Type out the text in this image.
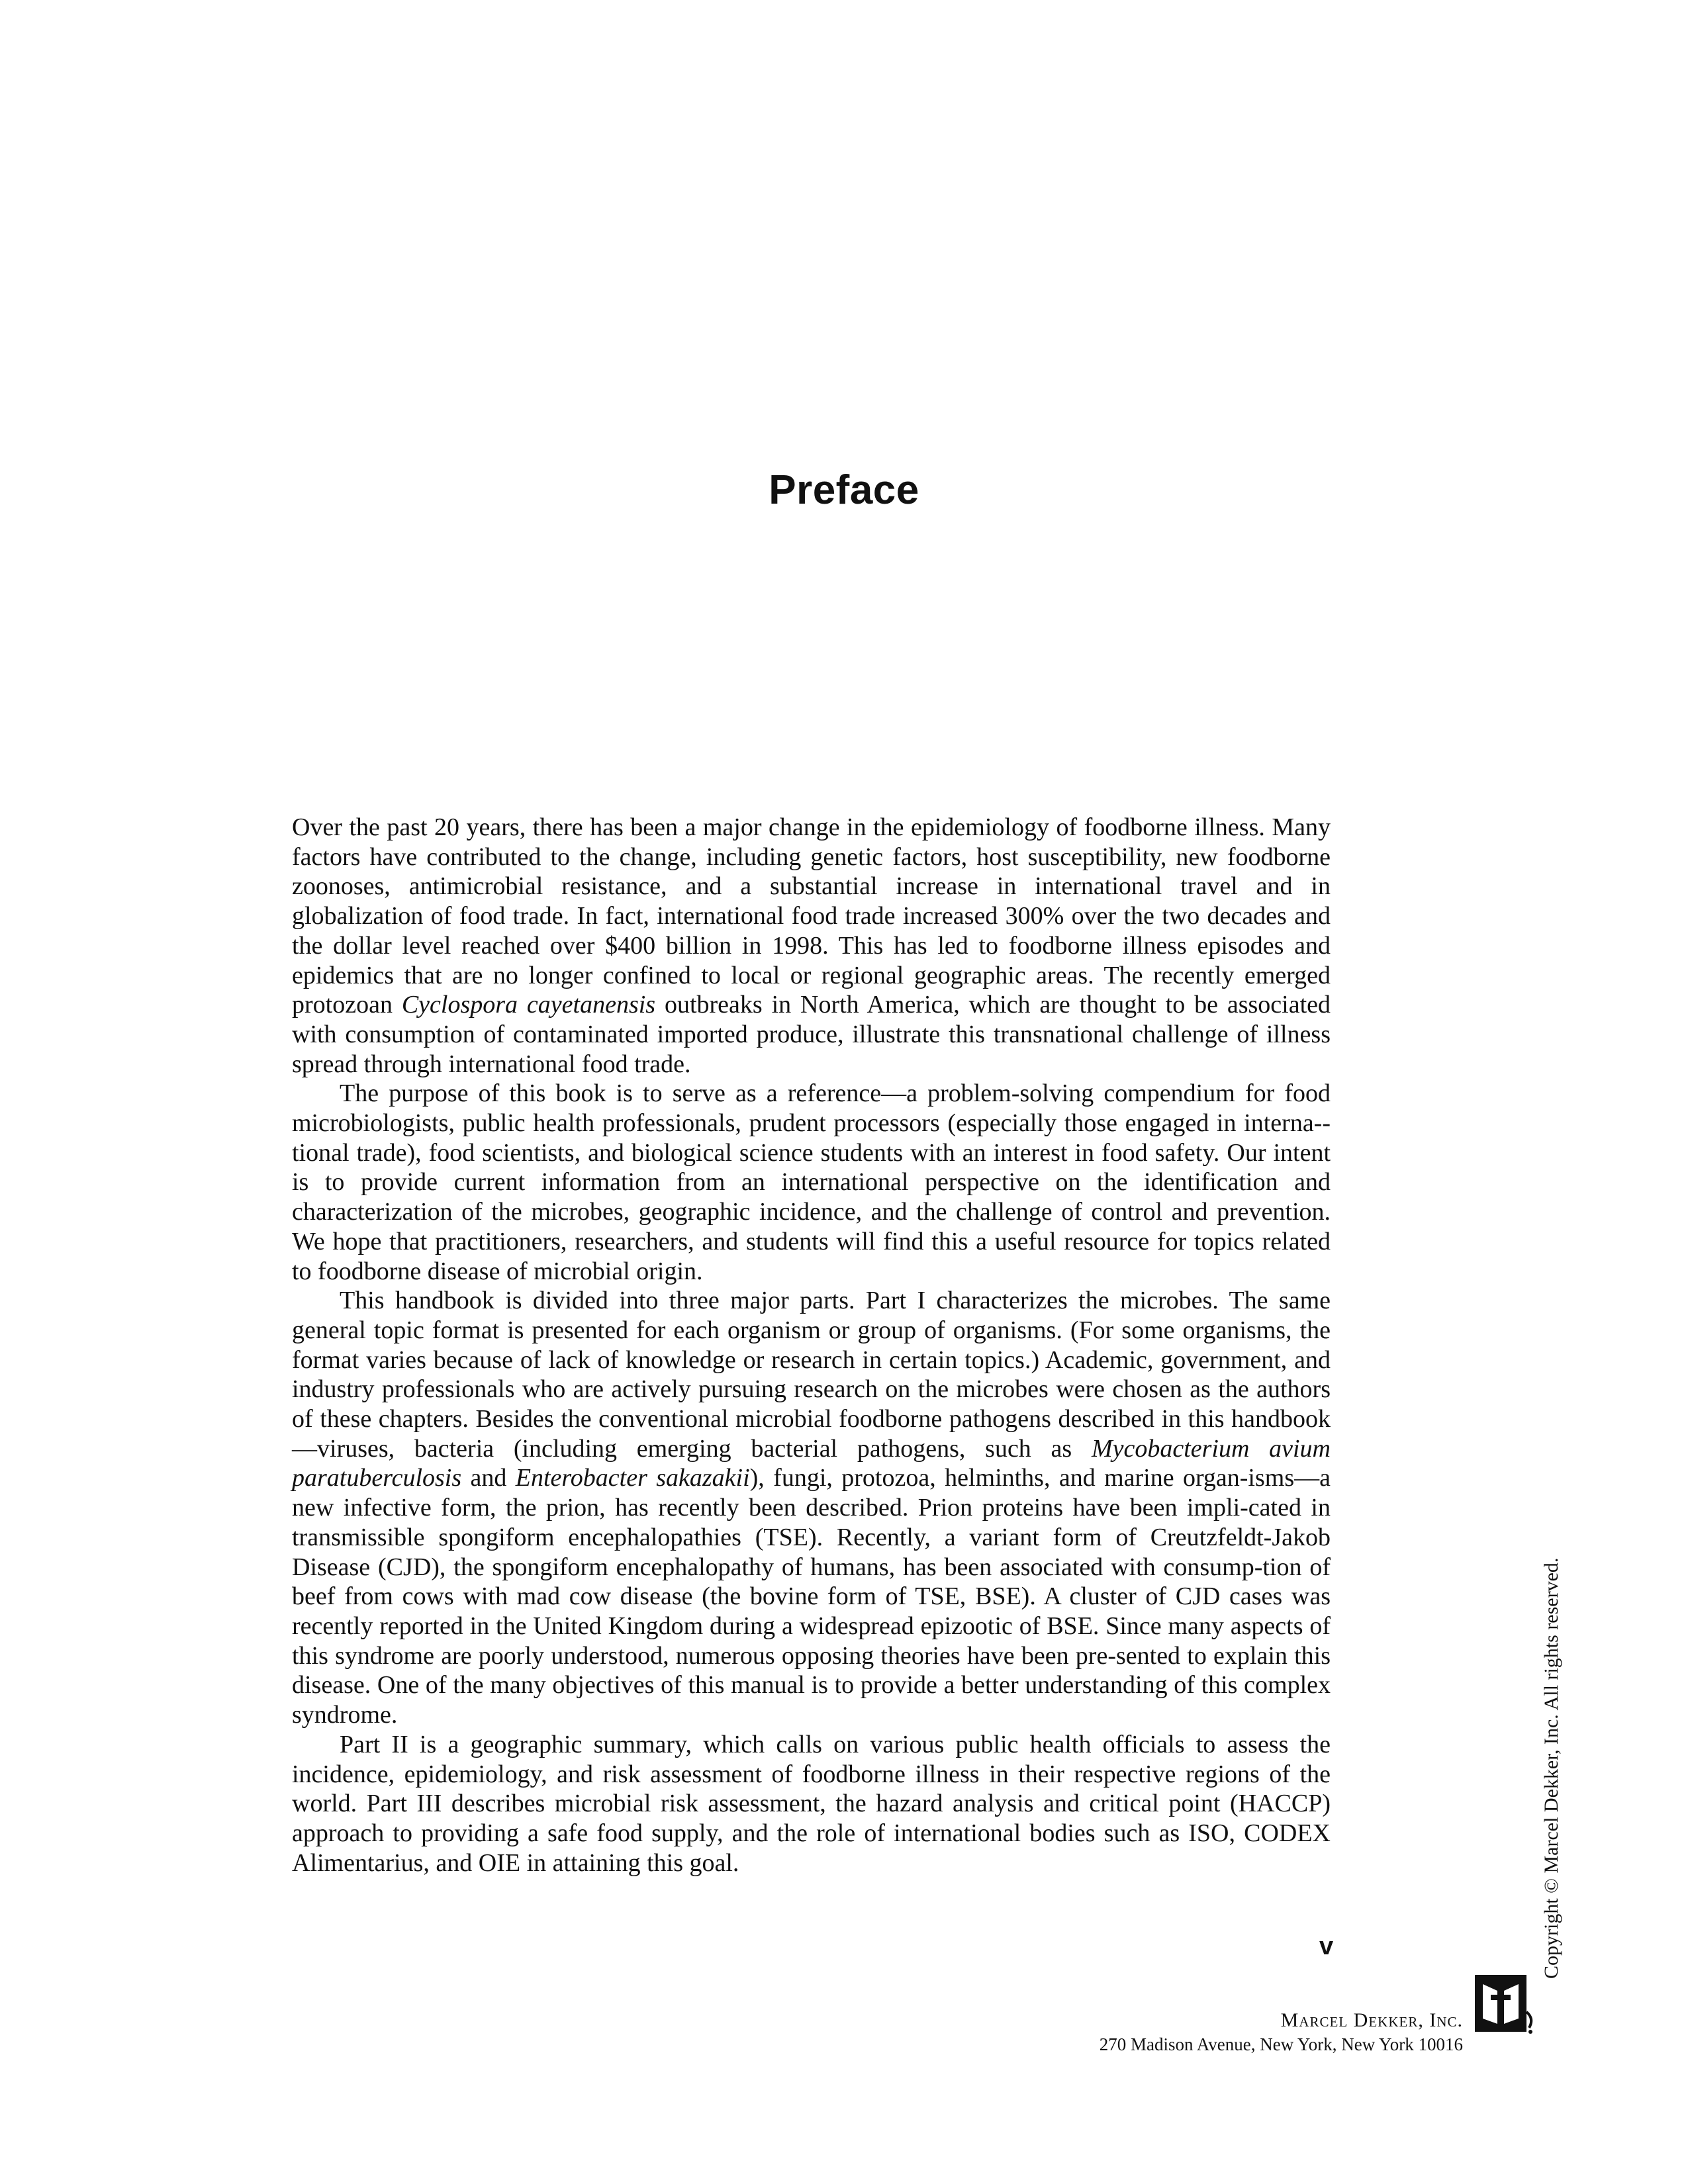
Preface

Over the past 20 years, there has been a major change in the epidemiology of foodborne illness. Many factors have contributed to the change, including genetic factors, host susceptibility, new foodborne zoonoses, antimicrobial resistance, and a substantial increase in international travel and in globalization of food trade. In fact, international food trade increased 300% over the two decades and the dollar level reached over $400 billion in 1998. This has led to foodborne illness episodes and epidemics that are no longer confined to local or regional geographic areas. The recently emerged protozoan Cyclospora cayetanensis outbreaks in North America, which are thought to be associated with consumption of contaminated imported produce, illustrate this transnational challenge of illness spread through international food trade.

The purpose of this book is to serve as a reference—a problem-solving compendium for food microbiologists, public health professionals, prudent processors (especially those engaged in interna-tional trade), food scientists, and biological science students with an interest in food safety. Our intent is to provide current information from an international perspective on the identification and characterization of the microbes, geographic incidence, and the challenge of control and prevention. We hope that practitioners, researchers, and students will find this a useful resource for topics related to foodborne disease of microbial origin.

This handbook is divided into three major parts. Part I characterizes the microbes. The same general topic format is presented for each organism or group of organisms. (For some organisms, the format varies because of lack of knowledge or research in certain topics.) Academic, government, and industry professionals who are actively pursuing research on the microbes were chosen as the authors of these chapters. Besides the conventional microbial foodborne pathogens described in this handbook—viruses, bacteria (including emerging bacterial pathogens, such as Mycobacterium avium paratuberculosis and Enterobacter sakazakii), fungi, protozoa, helminths, and marine organ-isms—a new infective form, the prion, has recently been described. Prion proteins have been impli-cated in transmissible spongiform encephalopathies (TSE). Recently, a variant form of Creutzfeldt-Jakob Disease (CJD), the spongiform encephalopathy of humans, has been associated with consump-tion of beef from cows with mad cow disease (the bovine form of TSE, BSE). A cluster of CJD cases was recently reported in the United Kingdom during a widespread epizootic of BSE. Since many aspects of this syndrome are poorly understood, numerous opposing theories have been pre-sented to explain this disease. One of the many objectives of this manual is to provide a better understanding of this complex syndrome.

Part II is a geographic summary, which calls on various public health officials to assess the incidence, epidemiology, and risk assessment of foodborne illness in their respective regions of the world. Part III describes microbial risk assessment, the hazard analysis and critical point (HACCP) approach to providing a safe food supply, and the role of international bodies such as ISO, CODEX Alimentarius, and OIE in attaining this goal.

v	Copyright © Marcel Dekker, Inc. All rights reserved.
Marcel Dekker, Inc.
270 Madison Avenue, New York, New York 10016
